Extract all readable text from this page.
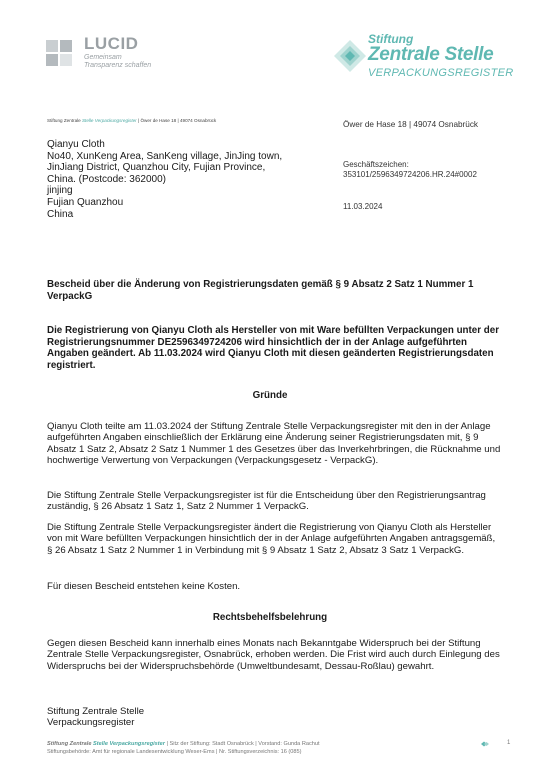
LUCID
Gemeinsam
Transparenz schaffen
Stiftung
Zentrale Stelle
VERPACKUNGSREGISTER
Stiftung Zentrale Stelle Verpackungsregister | Öwer de Hase 18 | 49074 Osnabrück
Qianyu Cloth
No40, XunKeng Area, SanKeng village, JinJing town, JinJiang District, Quanzhou City, Fujian Province, China. (Postcode: 362000)
jinjing
Fujian Quanzhou
China
Öwer de Hase 18 | 49074 Osnabrück
Geschäftszeichen:
353101/2596349724206.HR.24#0002
11.03.2024
Bescheid über die Änderung von Registrierungsdaten gemäß § 9 Absatz 2 Satz 1 Nummer 1 VerpackG
Die Registrierung von Qianyu Cloth als Hersteller von mit Ware befüllten Verpackungen unter der Registrierungsnummer DE2596349724206 wird hinsichtlich der in der Anlage aufgeführten Angaben geändert. Ab 11.03.2024 wird Qianyu Cloth mit diesen geänderten Registrierungsdaten registriert.
Gründe
Qianyu Cloth teilte am 11.03.2024 der Stiftung Zentrale Stelle Verpackungsregister mit den in der Anlage aufgeführten Angaben einschließlich der Erklärung eine Änderung seiner Registrierungsdaten mit, § 9 Absatz 1 Satz 2, Absatz 2 Satz 1 Nummer 1 des Gesetzes über das Inverkehrbringen, die Rücknahme und hochwertige Verwertung von Verpackungen (Verpackungsgesetz - VerpackG).
Die Stiftung Zentrale Stelle Verpackungsregister ist für die Entscheidung über den Registrierungsantrag zuständig, § 26 Absatz 1 Satz 1, Satz 2 Nummer 1 VerpackG.
Die Stiftung Zentrale Stelle Verpackungsregister ändert die Registrierung von Qianyu Cloth als Hersteller von mit Ware befüllten Verpackungen hinsichtlich der in der Anlage aufgeführten Angaben antragsgemäß, § 26 Absatz 1 Satz 2 Nummer 1 in Verbindung mit § 9 Absatz 1 Satz 2, Absatz 3 Satz 1 VerpackG.
Für diesen Bescheid entstehen keine Kosten.
Rechtsbehelfsbelehrung
Gegen diesen Bescheid kann innerhalb eines Monats nach Bekanntgabe Widerspruch bei der Stiftung Zentrale Stelle Verpackungsregister, Osnabrück, erhoben werden. Die Frist wird auch durch Einlegung des Widerspruchs bei der Widerspruchsbehörde (Umweltbundesamt, Dessau-Roßlau) gewahrt.
Stiftung Zentrale Stelle
Verpackungsregister
Stiftung Zentrale Stelle Verpackungsregister | Sitz der Stiftung: Stadt Osnabrück | Vorstand: Gunda Rachut
Stiftungsbehörde: Amt für regionale Landesentwicklung Weser-Ems | Nr. Stiftungsverzeichnis: 16 (085)
1
